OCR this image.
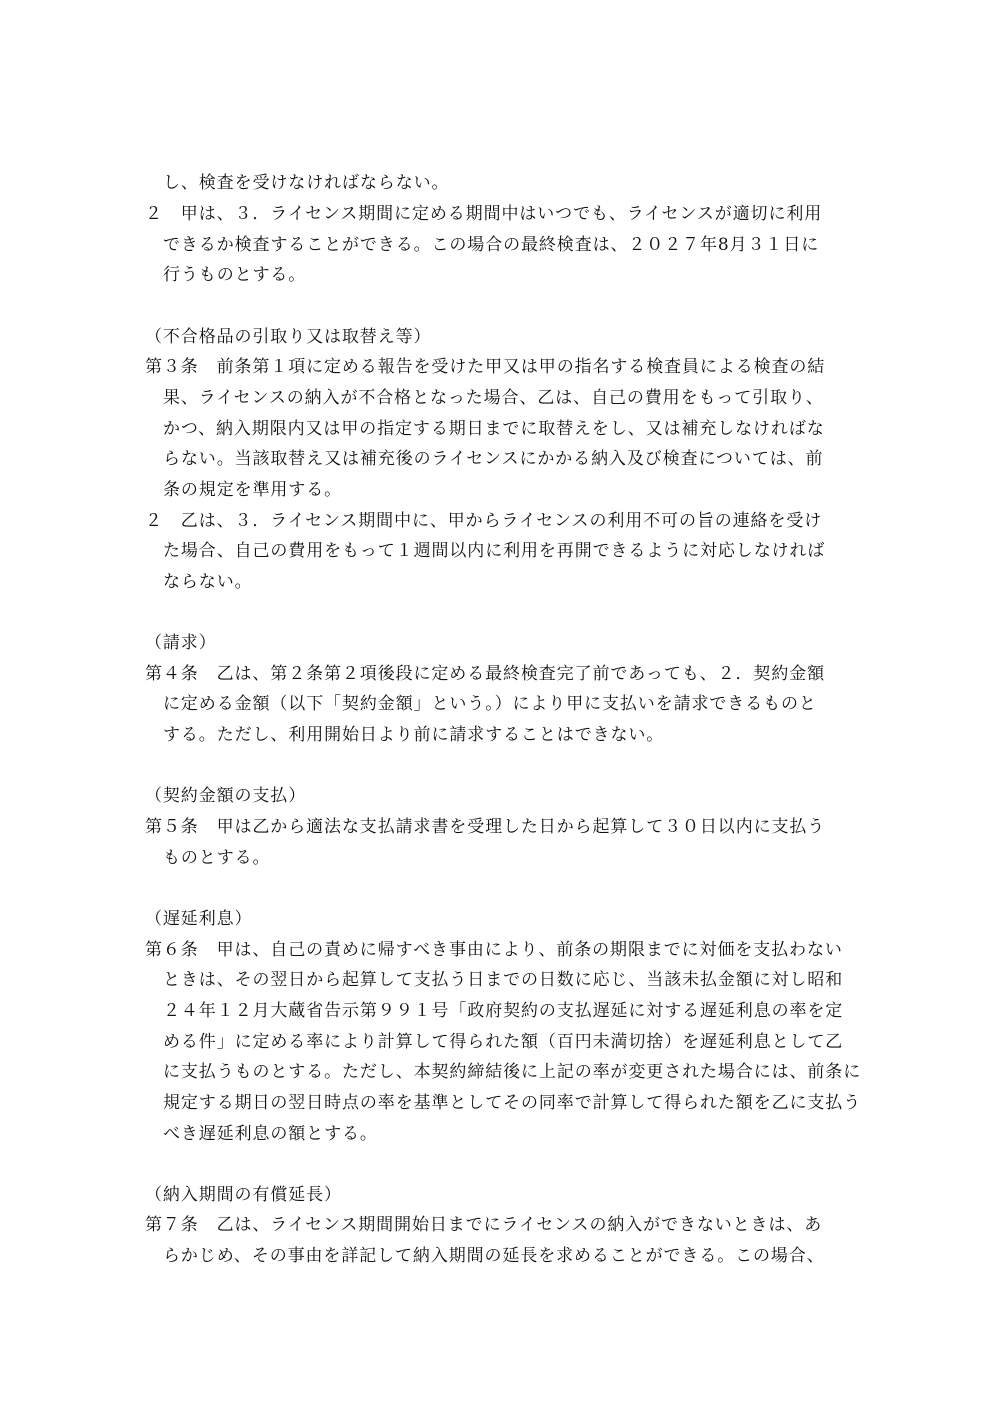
し、検査を受けなければならない。
２　甲は、３．ライセンス期間に定める期間中はいつでも、ライセンスが適切に利用
できるか検査することができる。この場合の最終検査は、２０２７年8月３１日に
行うものとする。
（不合格品の引取り又は取替え等）
第３条　前条第１項に定める報告を受けた甲又は甲の指名する検査員による検査の結
果、ライセンスの納入が不合格となった場合、乙は、自己の費用をもって引取り、
かつ、納入期限内又は甲の指定する期日までに取替えをし、又は補充しなければな
らない。当該取替え又は補充後のライセンスにかかる納入及び検査については、前
条の規定を準用する。
２　乙は、３．ライセンス期間中に、甲からライセンスの利用不可の旨の連絡を受け
た場合、自己の費用をもって１週間以内に利用を再開できるように対応しなければ
ならない。
（請求）
第４条　乙は、第２条第２項後段に定める最終検査完了前であっても、２．契約金額
に定める金額（以下「契約金額」という。）により甲に支払いを請求できるものと
する。ただし、利用開始日より前に請求することはできない。
（契約金額の支払）
第５条　甲は乙から適法な支払請求書を受理した日から起算して３０日以内に支払う
ものとする。
（遅延利息）
第６条　甲は、自己の責めに帰すべき事由により、前条の期限までに対価を支払わない
ときは、その翌日から起算して支払う日までの日数に応じ、当該未払金額に対し昭和
２４年１２月大蔵省告示第９９１号「政府契約の支払遅延に対する遅延利息の率を定
める件」に定める率により計算して得られた額（百円未満切捨）を遅延利息として乙
に支払うものとする。ただし、本契約締結後に上記の率が変更された場合には、前条に
規定する期日の翌日時点の率を基準としてその同率で計算して得られた額を乙に支払う
べき遅延利息の額とする。
（納入期間の有償延長）
第７条　乙は、ライセンス期間開始日までにライセンスの納入ができないときは、あ
らかじめ、その事由を詳記して納入期間の延長を求めることができる。この場合、
